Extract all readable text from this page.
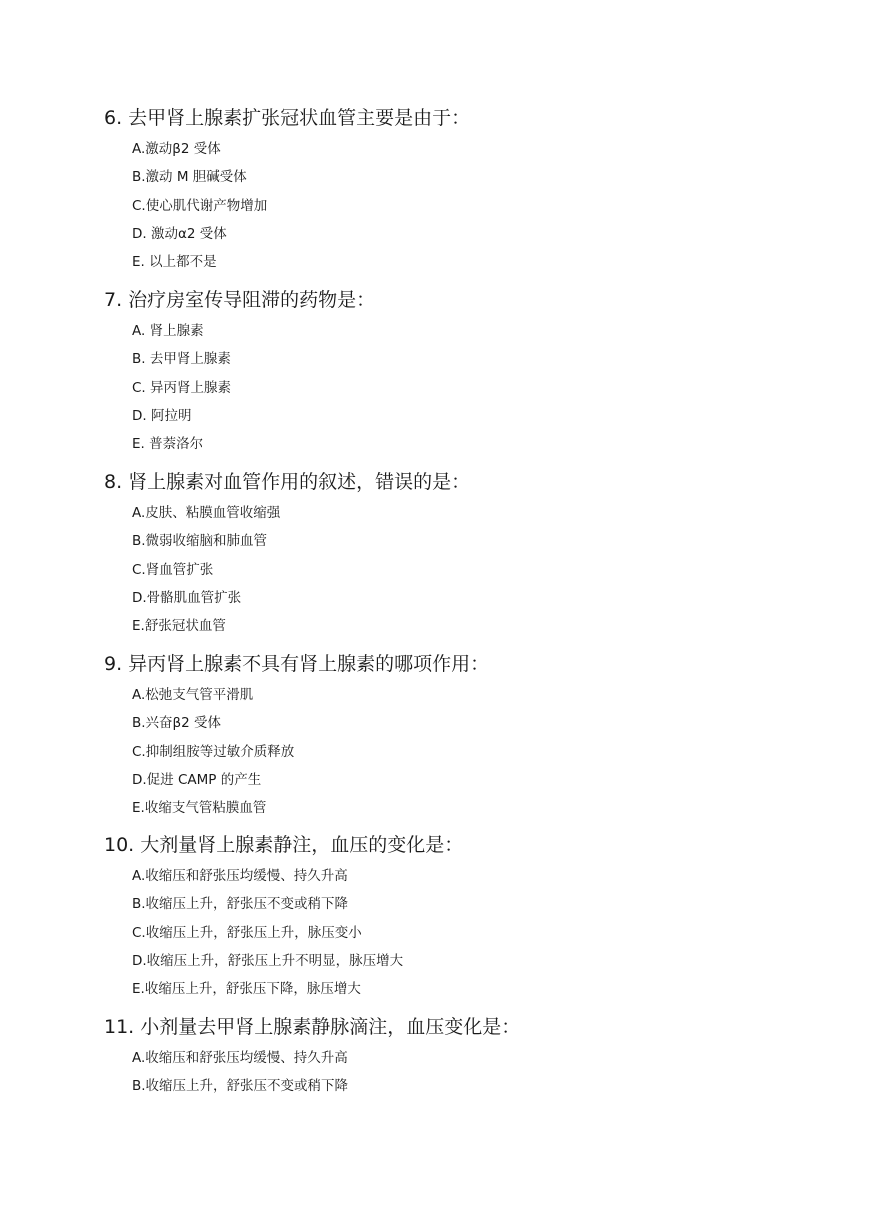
6. 去甲肾上腺素扩张冠状血管主要是由于：
A.激动β2 受体
B.激动 M 胆碱受体
C.使心肌代谢产物增加
D. 激动α2 受体
E. 以上都不是
7. 治疗房室传导阻滞的药物是：
A. 肾上腺素
B. 去甲肾上腺素
C. 异丙肾上腺素
D. 阿拉明
E. 普萘洛尔
8. 肾上腺素对血管作用的叙述，错误的是：
A.皮肤、粘膜血管收缩强
B.微弱收缩脑和肺血管
C.肾血管扩张
D.骨骼肌血管扩张
E.舒张冠状血管
9. 异丙肾上腺素不具有肾上腺素的哪项作用：
A.松弛支气管平滑肌
B.兴奋β2 受体
C.抑制组胺等过敏介质释放
D.促进 CAMP 的产生
E.收缩支气管粘膜血管
10. 大剂量肾上腺素静注，血压的变化是：
A.收缩压和舒张压均缓慢、持久升高
B.收缩压上升，舒张压不变或稍下降
C.收缩压上升，舒张压上升，脉压变小
D.收缩压上升，舒张压上升不明显，脉压增大
E.收缩压上升，舒张压下降，脉压增大
11. 小剂量去甲肾上腺素静脉滴注，血压变化是：
A.收缩压和舒张压均缓慢、持久升高
B.收缩压上升，舒张压不变或稍下降
